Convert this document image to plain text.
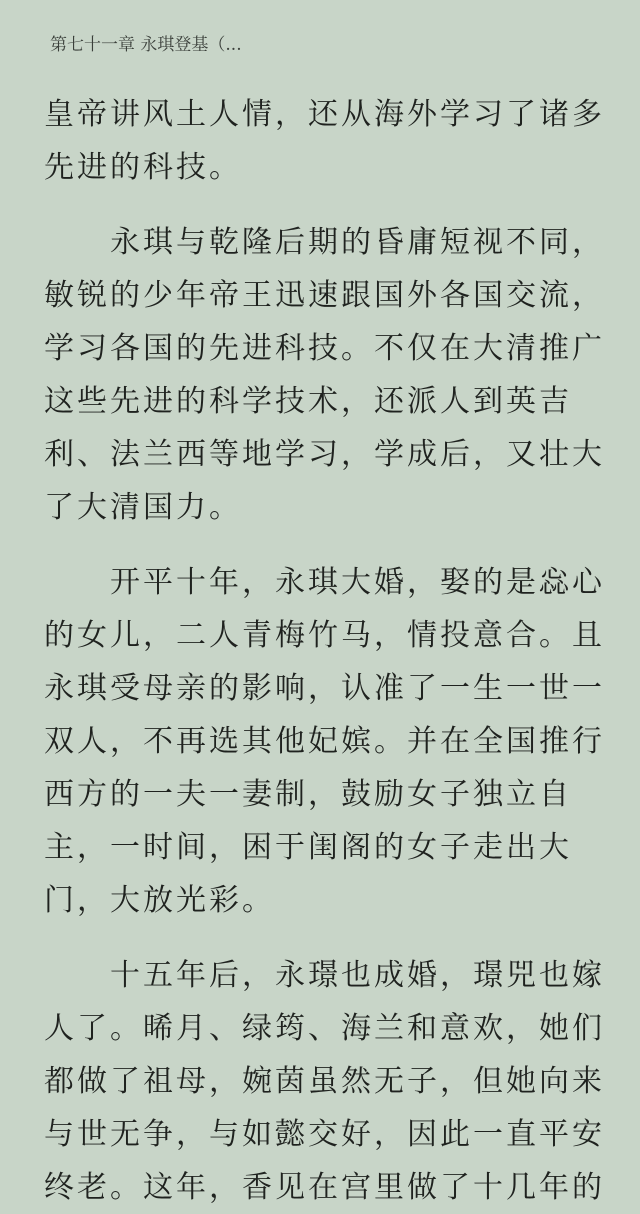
第七十一章 永琪登基（...
皇帝讲风土人情，还从海外学习了诸多
先进的科技。
永琪与乾隆后期的昏庸短视不同，
敏锐的少年帝王迅速跟国外各国交流，
学习各国的先进科技。不仅在大清推广
这些先进的科学技术，还派人到英吉
利、法兰西等地学习，学成后，又壮大
了大清国力。
开平十年，永琪大婚，娶的是惢心
的女儿，二人青梅竹马，情投意合。且
永琪受母亲的影响，认准了一生一世一
双人，不再选其他妃嫔。并在全国推行
西方的一夫一妻制，鼓励女子独立自
主，一时间，困于闺阁的女子走出大
门，大放光彩。
十五年后，永璟也成婚，璟兕也嫁
人了。晞月、绿筠、海兰和意欢，她们
都做了祖母，婉茵虽然无子，但她向来
与世无争，与如懿交好，因此一直平安
终老。这年，香见在宫里做了十几年的
